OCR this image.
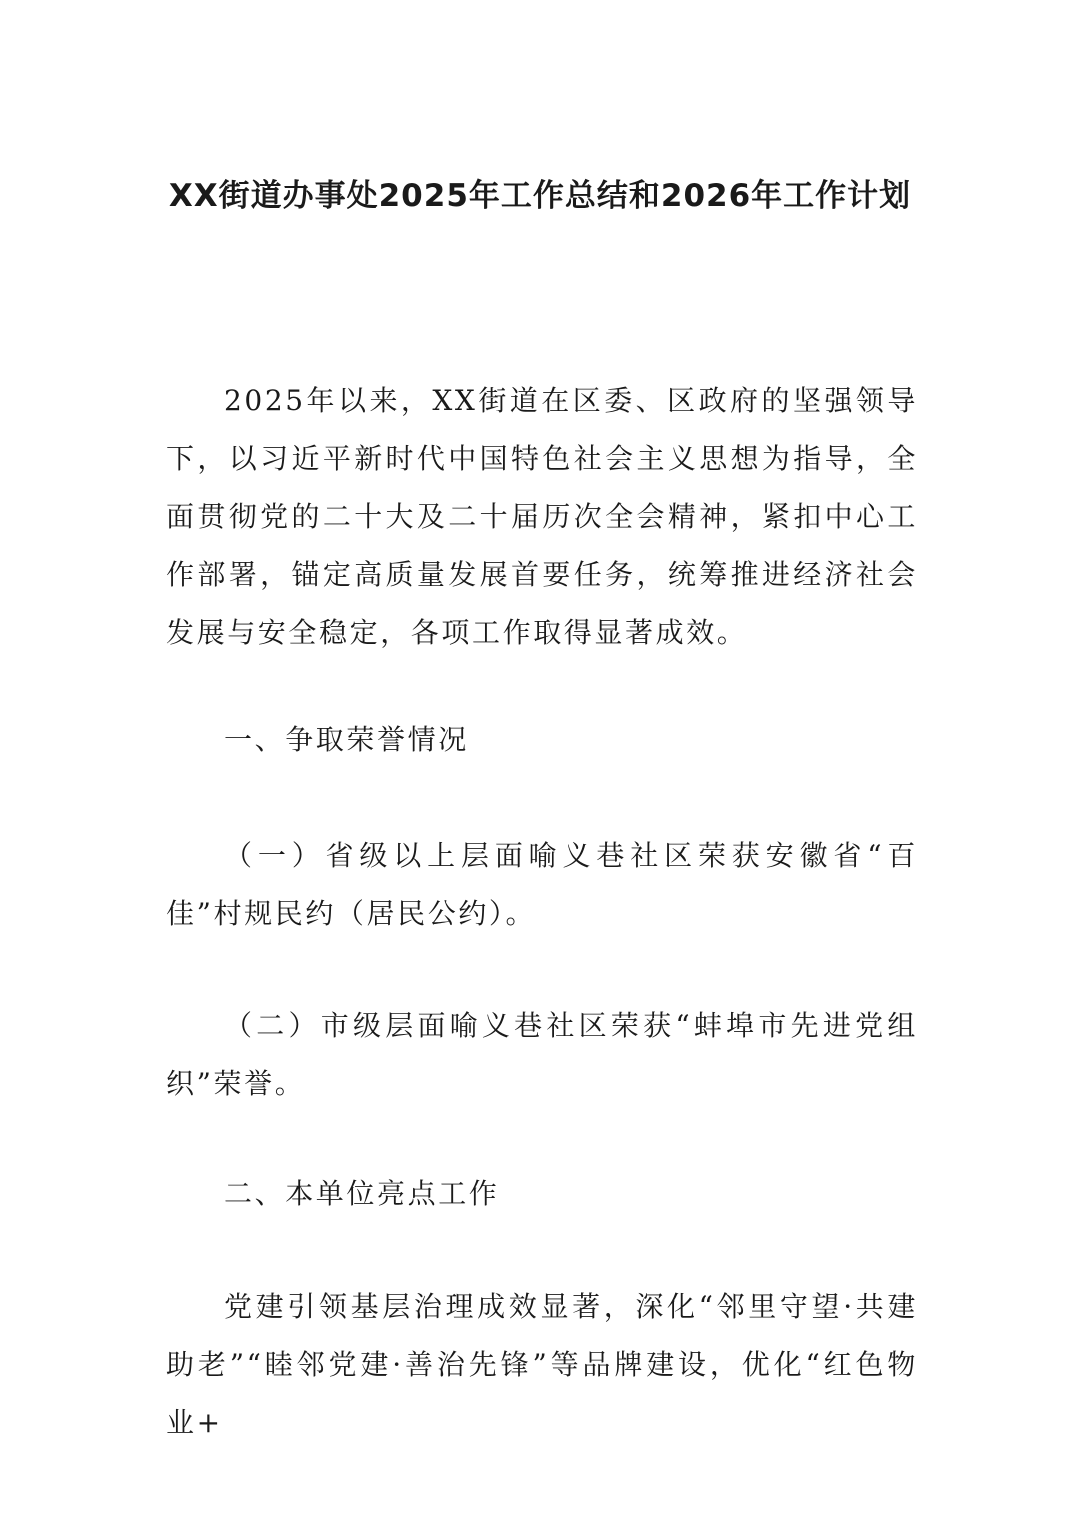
XX街道办事处2025年工作总结和2026年工作计划

2025年以来，XX街道在区委、区政府的坚强领导下，以习近平新时代中国特色社会主义思想为指导，全面贯彻党的二十大及二十届历次全会精神，紧扣中心工作部署，锚定高质量发展首要任务，统筹推进经济社会发展与安全稳定，各项工作取得显著成效。

一、争取荣誉情况

（一）省级以上层面喻义巷社区荣获安徽省“百佳”村规民约（居民公约）。

（二）市级层面喻义巷社区荣获“蚌埠市先进党组织”荣誉。

二、本单位亮点工作

党建引领基层治理成效显著，深化“邻里守望·共建助老”“睦邻党建·善治先锋”等品牌建设，优化“红色物业+
